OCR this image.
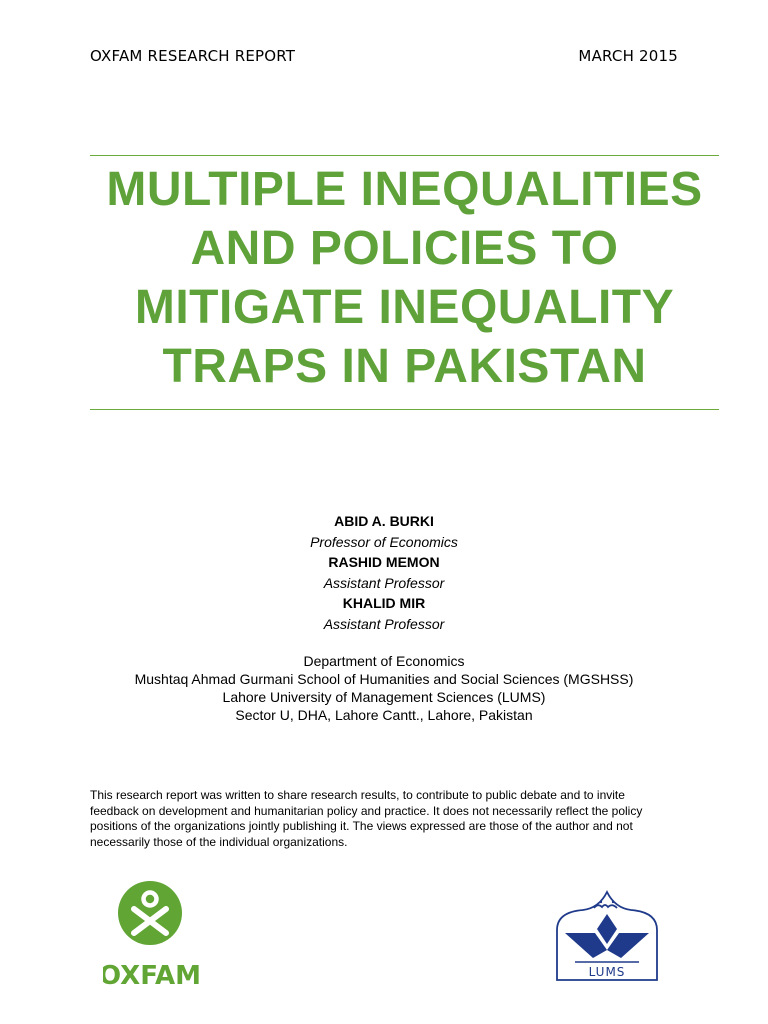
OXFAM RESEARCH REPORT	MARCH 2015
MULTIPLE INEQUALITIES
AND POLICIES TO
MITIGATE INEQUALITY
TRAPS IN PAKISTAN
ABID A. BURKI
Professor of Economics
RASHID MEMON
Assistant Professor
KHALID MIR
Assistant Professor
Department of Economics
Mushtaq Ahmad Gurmani School of Humanities and Social Sciences (MGSHSS)
Lahore University of Management Sciences (LUMS)
Sector U, DHA, Lahore Cantt., Lahore, Pakistan
This research report was written to share research results, to contribute to public debate and to invite
feedback on development and humanitarian policy and practice. It does not necessarily reflect the policy
positions of the organizations jointly publishing it. The views expressed are those of the author and not
necessarily those of the individual organizations.
OXFAM	LUMS
